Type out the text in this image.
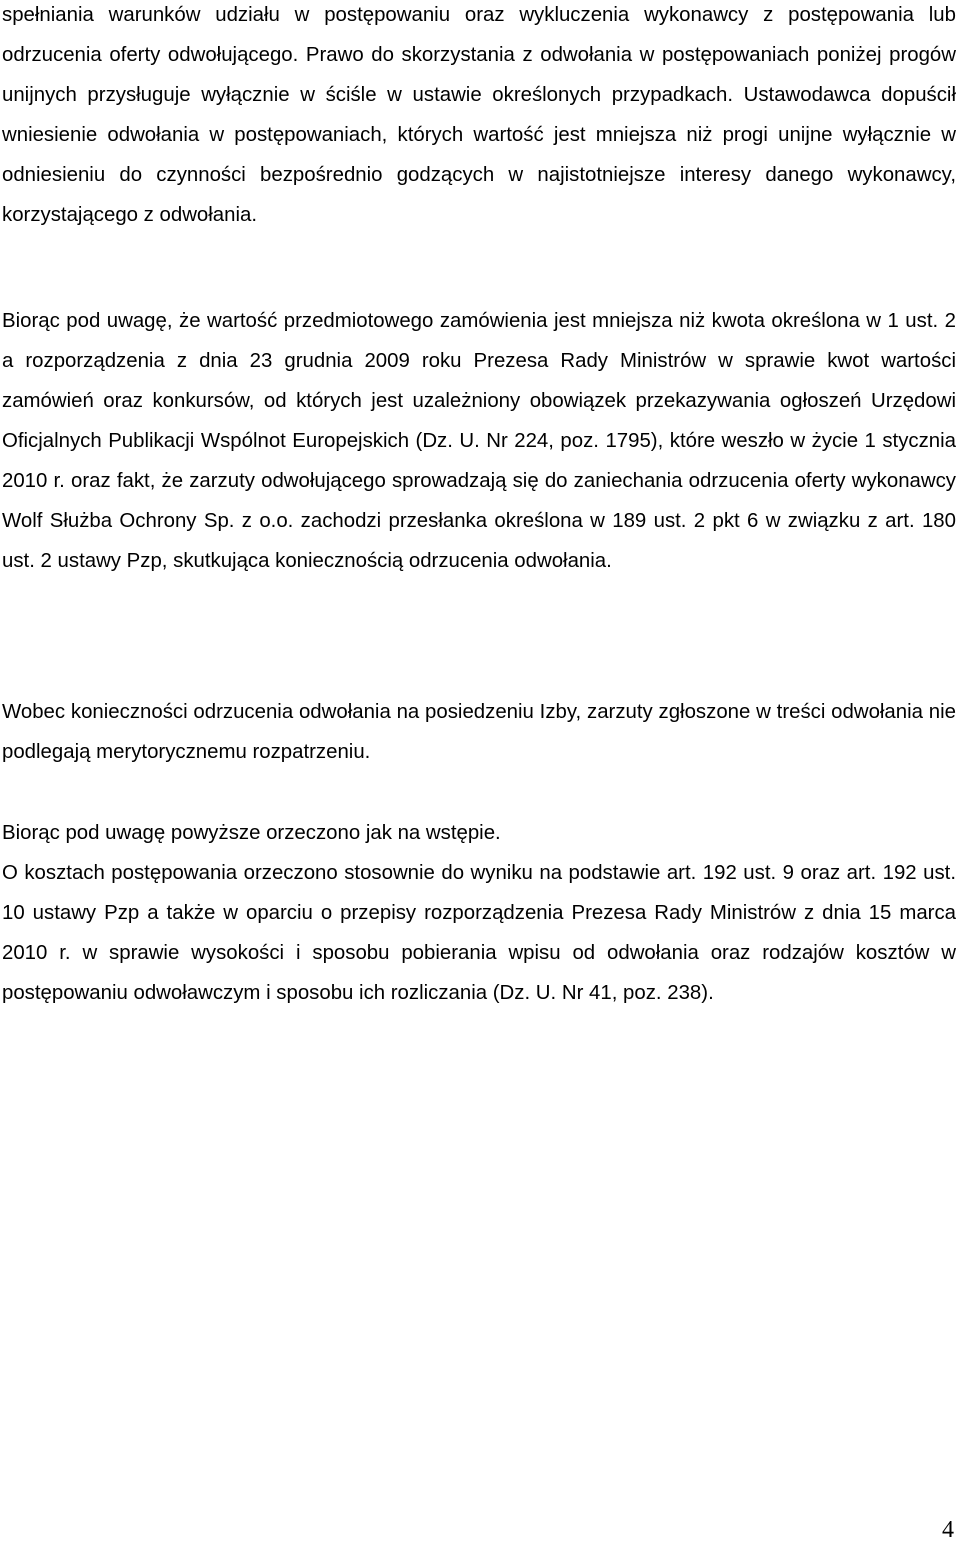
spełniania warunków udziału w postępowaniu oraz wykluczenia wykonawcy z postępowania lub odrzucenia oferty odwołującego. Prawo do skorzystania z odwołania w postępowaniach poniżej progów unijnych przysługuje wyłącznie w ściśle w ustawie określonych przypadkach. Ustawodawca dopuścił wniesienie odwołania w postępowaniach, których wartość jest mniejsza niż progi unijne wyłącznie w odniesieniu do czynności bezpośrednio godzących w najistotniejsze interesy danego wykonawcy, korzystającego z odwołania.

Biorąc pod uwagę, że wartość przedmiotowego zamówienia jest mniejsza niż kwota określona w 1 ust. 2 a rozporządzenia z dnia 23 grudnia 2009 roku Prezesa Rady Ministrów w sprawie kwot wartości zamówień oraz konkursów, od których jest uzależniony obowiązek przekazywania ogłoszeń Urzędowi Oficjalnych Publikacji Wspólnot Europejskich (Dz. U. Nr 224, poz. 1795), które weszło w życie 1 stycznia 2010 r. oraz fakt, że zarzuty odwołującego sprowadzają się do zaniechania odrzucenia oferty wykonawcy Wolf Służba Ochrony Sp. z o.o. zachodzi przesłanka określona w 189 ust. 2 pkt 6 w związku z art. 180 ust. 2 ustawy Pzp, skutkująca koniecznością odrzucenia odwołania.

Wobec konieczności odrzucenia odwołania na posiedzeniu Izby, zarzuty zgłoszone w treści odwołania nie podlegają merytorycznemu rozpatrzeniu.

Biorąc pod uwagę powyższe orzeczono jak na wstępie.

O kosztach postępowania orzeczono stosownie do wyniku na podstawie art. 192 ust. 9 oraz art. 192 ust. 10 ustawy Pzp a także w oparciu o przepisy rozporządzenia Prezesa Rady Ministrów z dnia 15 marca 2010 r. w sprawie wysokości i sposobu pobierania wpisu od odwołania oraz rodzajów kosztów w postępowaniu odwoławczym i sposobu ich rozliczania (Dz. U. Nr 41, poz. 238).

4
